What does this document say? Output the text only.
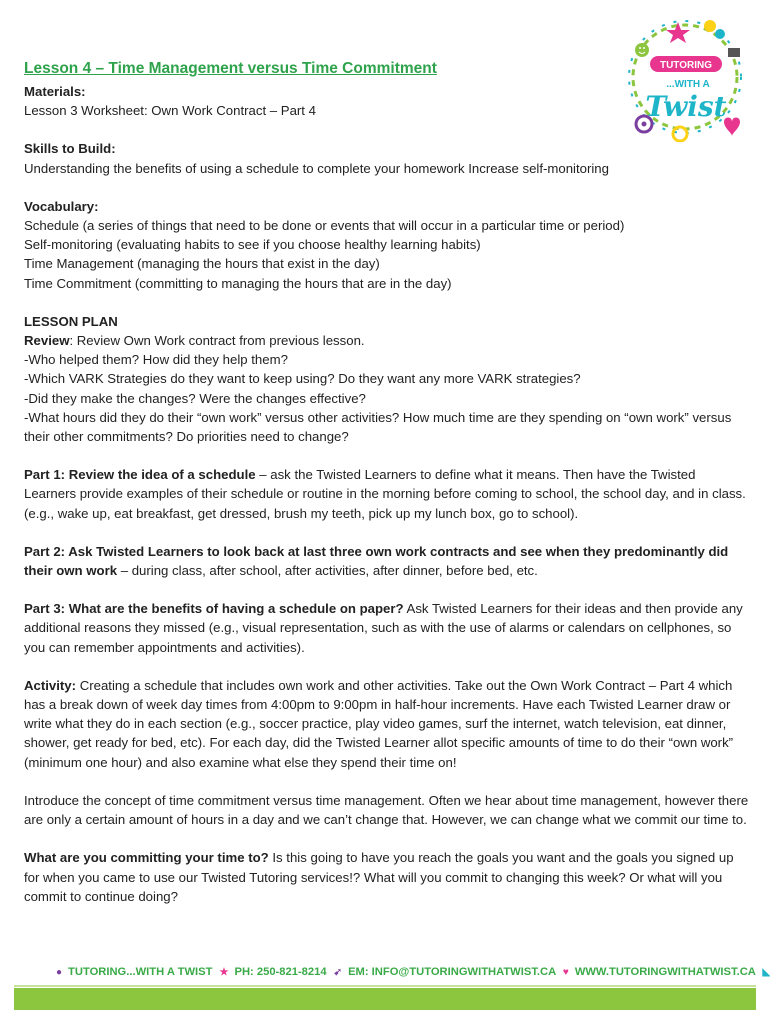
TUTORING
...WITH A
Twist
Lesson 4 – Time Management versus Time Commitment

Materials:

Lesson 3 Worksheet: Own Work Contract – Part 4

Skills to Build:

Understanding the benefits of using a schedule to complete your homework Increase self-monitoring

Vocabulary:

Schedule (a series of things that need to be done or events that will occur in a particular time or period)

Self-monitoring (evaluating habits to see if you choose healthy learning habits)

Time Management (managing the hours that exist in the day)

Time Commitment (committing to managing the hours that are in the day)

LESSON PLAN

Review: Review Own Work contract from previous lesson.

-Who helped them? How did they help them?

-Which VARK Strategies do they want to keep using? Do they want any more VARK strategies?

-Did they make the changes? Were the changes effective?

-What hours did they do their “own work” versus other activities? How much time are they spending on “own work” versus their other commitments? Do priorities need to change?

Part 1: Review the idea of a schedule – ask the Twisted Learners to define what it means. Then have the Twisted Learners provide examples of their schedule or routine in the morning before coming to school, the school day, and in class. (e.g., wake up, eat breakfast, get dressed, brush my teeth, pick up my lunch box, go to school).

Part 2: Ask Twisted Learners to look back at last three own work contracts and see when they predominantly did their own work – during class, after school, after activities, after dinner, before bed, etc.

Part 3: What are the benefits of having a schedule on paper? Ask Twisted Learners for their ideas and then provide any additional reasons they missed (e.g., visual representation, such as with the use of alarms or calendars on cellphones, so you can remember appointments and activities).

Activity: Creating a schedule that includes own work and other activities. Take out the Own Work Contract – Part 4 which has a break down of week day times from 4:00pm to 9:00pm in half-hour increments. Have each Twisted Learner draw or write what they do in each section (e.g., soccer practice, play video games, surf the internet, watch television, eat dinner, shower, get ready for bed, etc). For each day, did the Twisted Learner allot specific amounts of time to do their “own work” (minimum one hour) and also examine what else they spend their time on!

Introduce the concept of time commitment versus time management. Often we hear about time management, however there are only a certain amount of hours in a day and we can’t change that. However, we can change what we commit our time to.

What are you committing your time to? Is this going to have you reach the goals you want and the goals you signed up for when you came to use our Twisted Tutoring services!? What will you commit to changing this week? Or what will you commit to continue doing?

● TUTORING...WITH A TWIST ★ PH: 250-821-8214 ➹ EM: INFO@TUTORINGWITHATWIST.CA ♥ WWW.TUTORINGWITHATWIST.CA ◣
